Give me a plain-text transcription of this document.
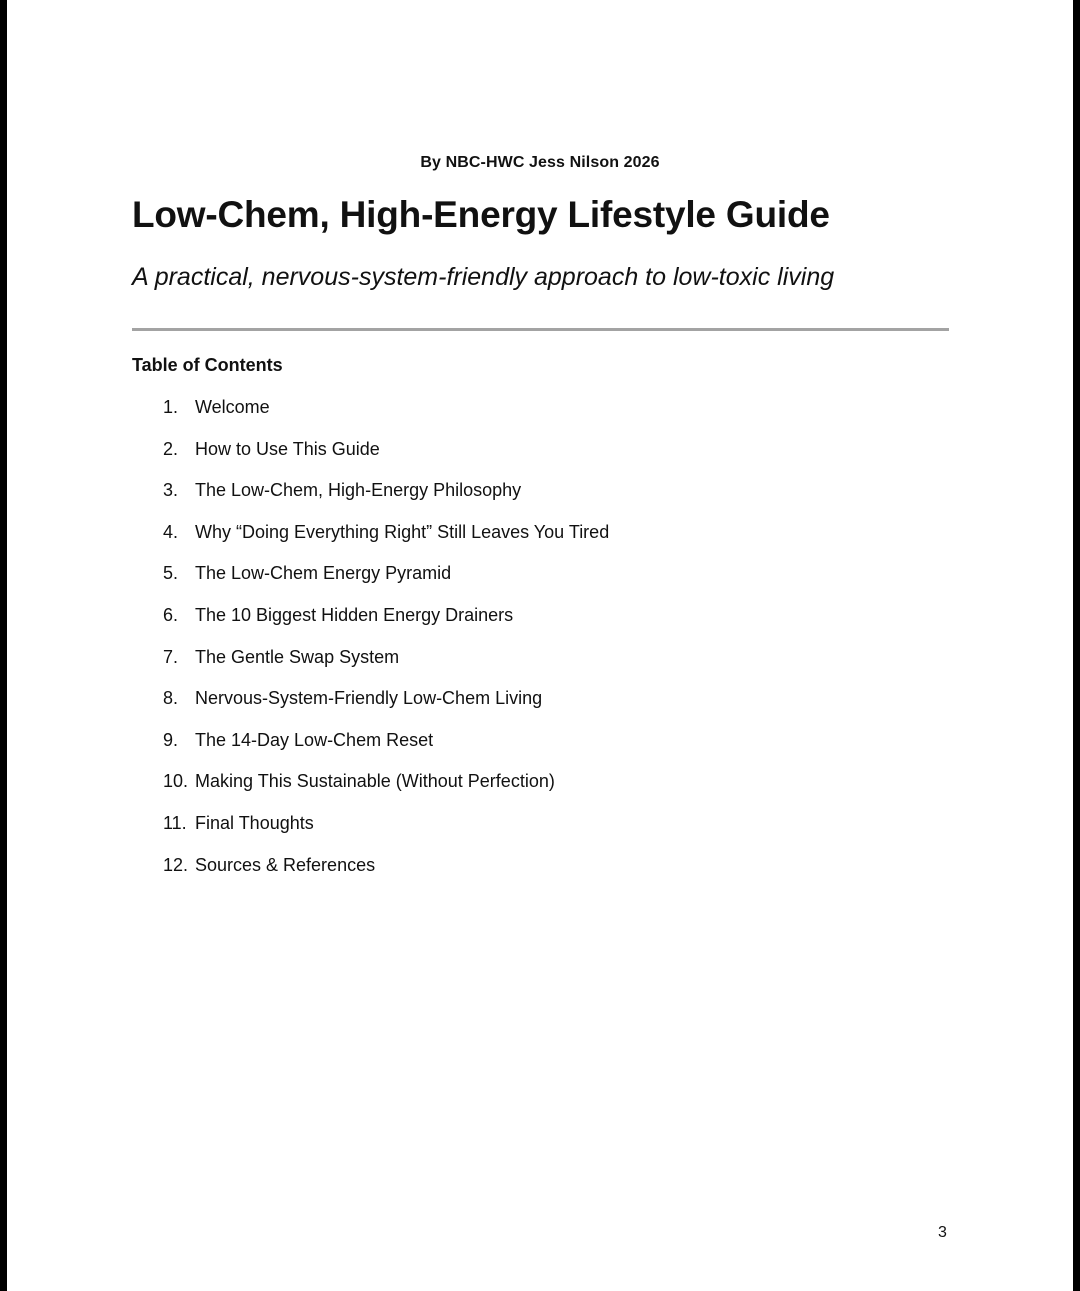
By NBC-HWC Jess Nilson 2026
Low-Chem, High-Energy Lifestyle Guide
A practical, nervous-system-friendly approach to low-toxic living
Table of Contents
1. Welcome
2. How to Use This Guide
3. The Low-Chem, High-Energy Philosophy
4. Why “Doing Everything Right” Still Leaves You Tired
5. The Low-Chem Energy Pyramid
6. The 10 Biggest Hidden Energy Drainers
7. The Gentle Swap System
8. Nervous-System-Friendly Low-Chem Living
9. The 14-Day Low-Chem Reset
10. Making This Sustainable (Without Perfection)
11. Final Thoughts
12. Sources & References
3
